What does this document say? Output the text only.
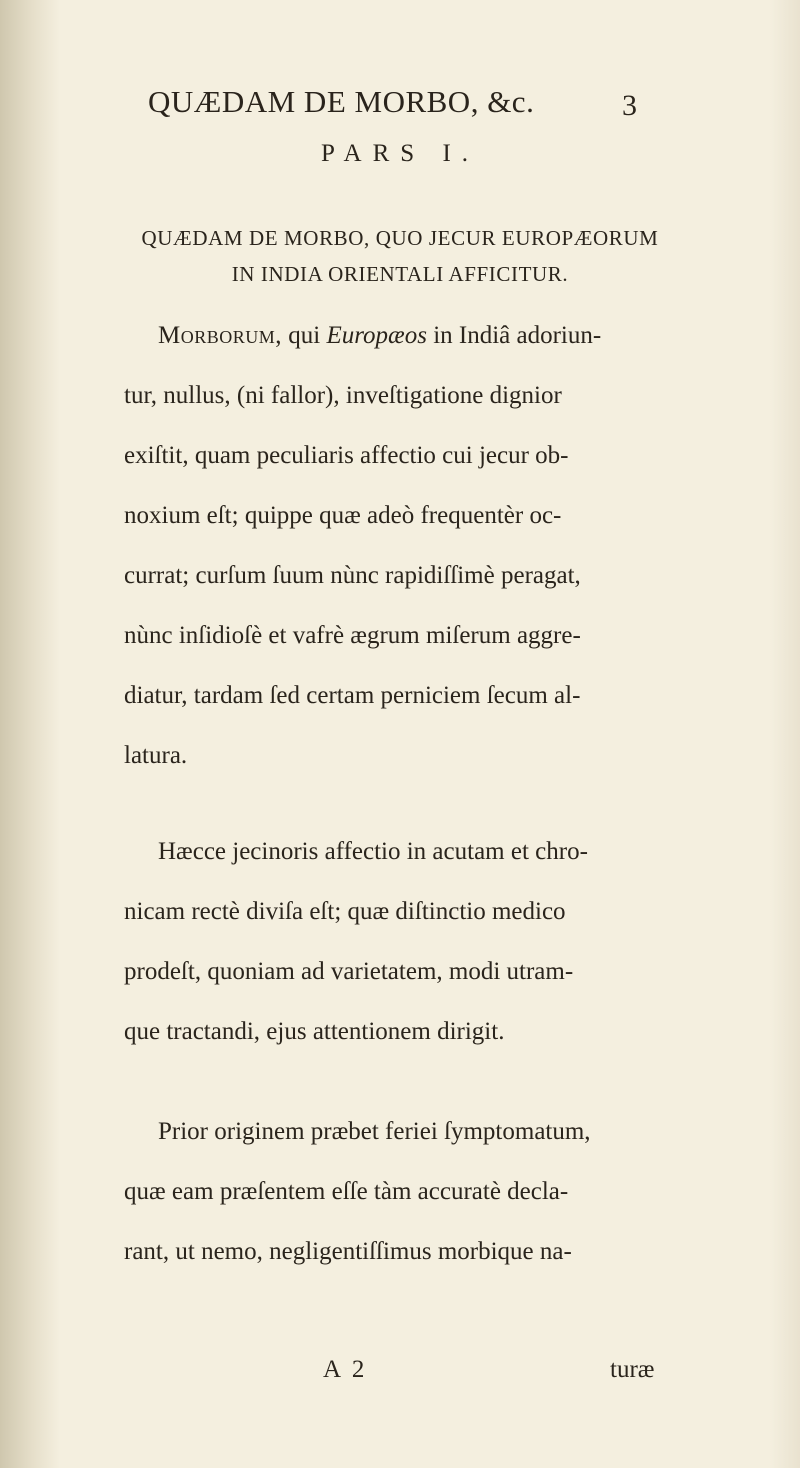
QUÆDAM DE MORBO, &c.	3
PARS I.
QUÆDAM DE MORBO, QUO JECUR EUROPÆORUM
IN INDIA ORIENTALI AFFICITUR.
Morborum, qui Europæos in Indiâ adoriun-
tur, nullus, (ni fallor), inveſtigatione dignior
exiſtit, quam peculiaris affectio cui jecur ob-
noxium eſt; quippe quæ adeò frequentèr oc-
currat; curſum ſuum nùnc rapidiſſimè peragat,
nùnc inſidioſè et vafrè ægrum miſerum aggre-
diatur, tardam ſed certam perniciem ſecum al-
latura.
Hæcce jecinoris affectio in acutam et chro-
nicam rectè diviſa eſt; quæ diſtinctio medico
prodeſt, quoniam ad varietatem, modi utram-
que tractandi, ejus attentionem dirigit.
Prior originem præbet feriei ſymptomatum,
quæ eam præſentem eſſe tàm accuratè decla-
rant, ut nemo, negligentiſſimus morbique na-
A 2	turæ
